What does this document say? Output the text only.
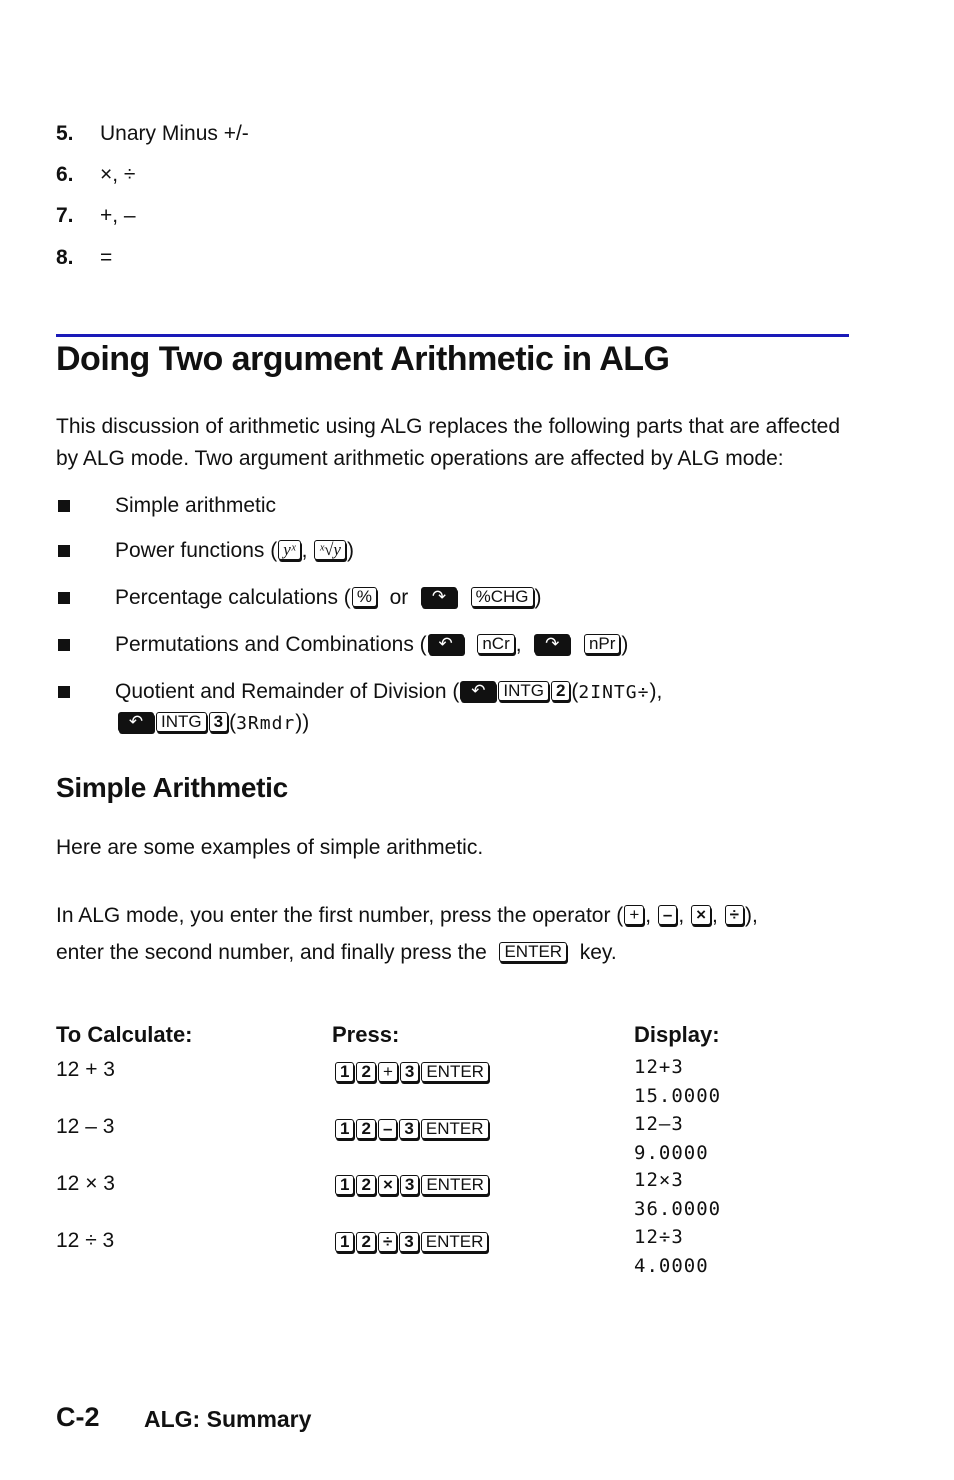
5. Unary Minus +/-
6. ×, ÷
7. +, –
8. =
Doing Two argument Arithmetic in ALG
This discussion of arithmetic using ALG replaces the following parts that are affected
by ALG mode. Two argument arithmetic operations are affected by ALG mode:
Simple arithmetic
Power functions ( yˣ , ˣ√y )
Percentage calculations ( % or ↷ %CHG )
Permutations and Combinations ( ↶ nCr ,  ↷ nPr )
Quotient and Remainder of Division ( ↶ INTG 2 (2INTG÷),
↶ INTG 3 (3Rmdr))
Simple Arithmetic
Here are some examples of simple arithmetic.
In ALG mode, you enter the first number, press the operator ( + , – , × , ÷ ),
enter the second number, and finally press the ENTER key.
To Calculate:	Press:	Display:
12 + 3	1 2 + 3 ENTER	12+3
15.0000
12 – 3	1 2 – 3 ENTER	12–3
9.0000
12 × 3	1 2 × 3 ENTER	12×3
36.0000
12 ÷ 3	1 2 ÷ 3 ENTER	12÷3
4.0000
C-2 ALG: Summary
